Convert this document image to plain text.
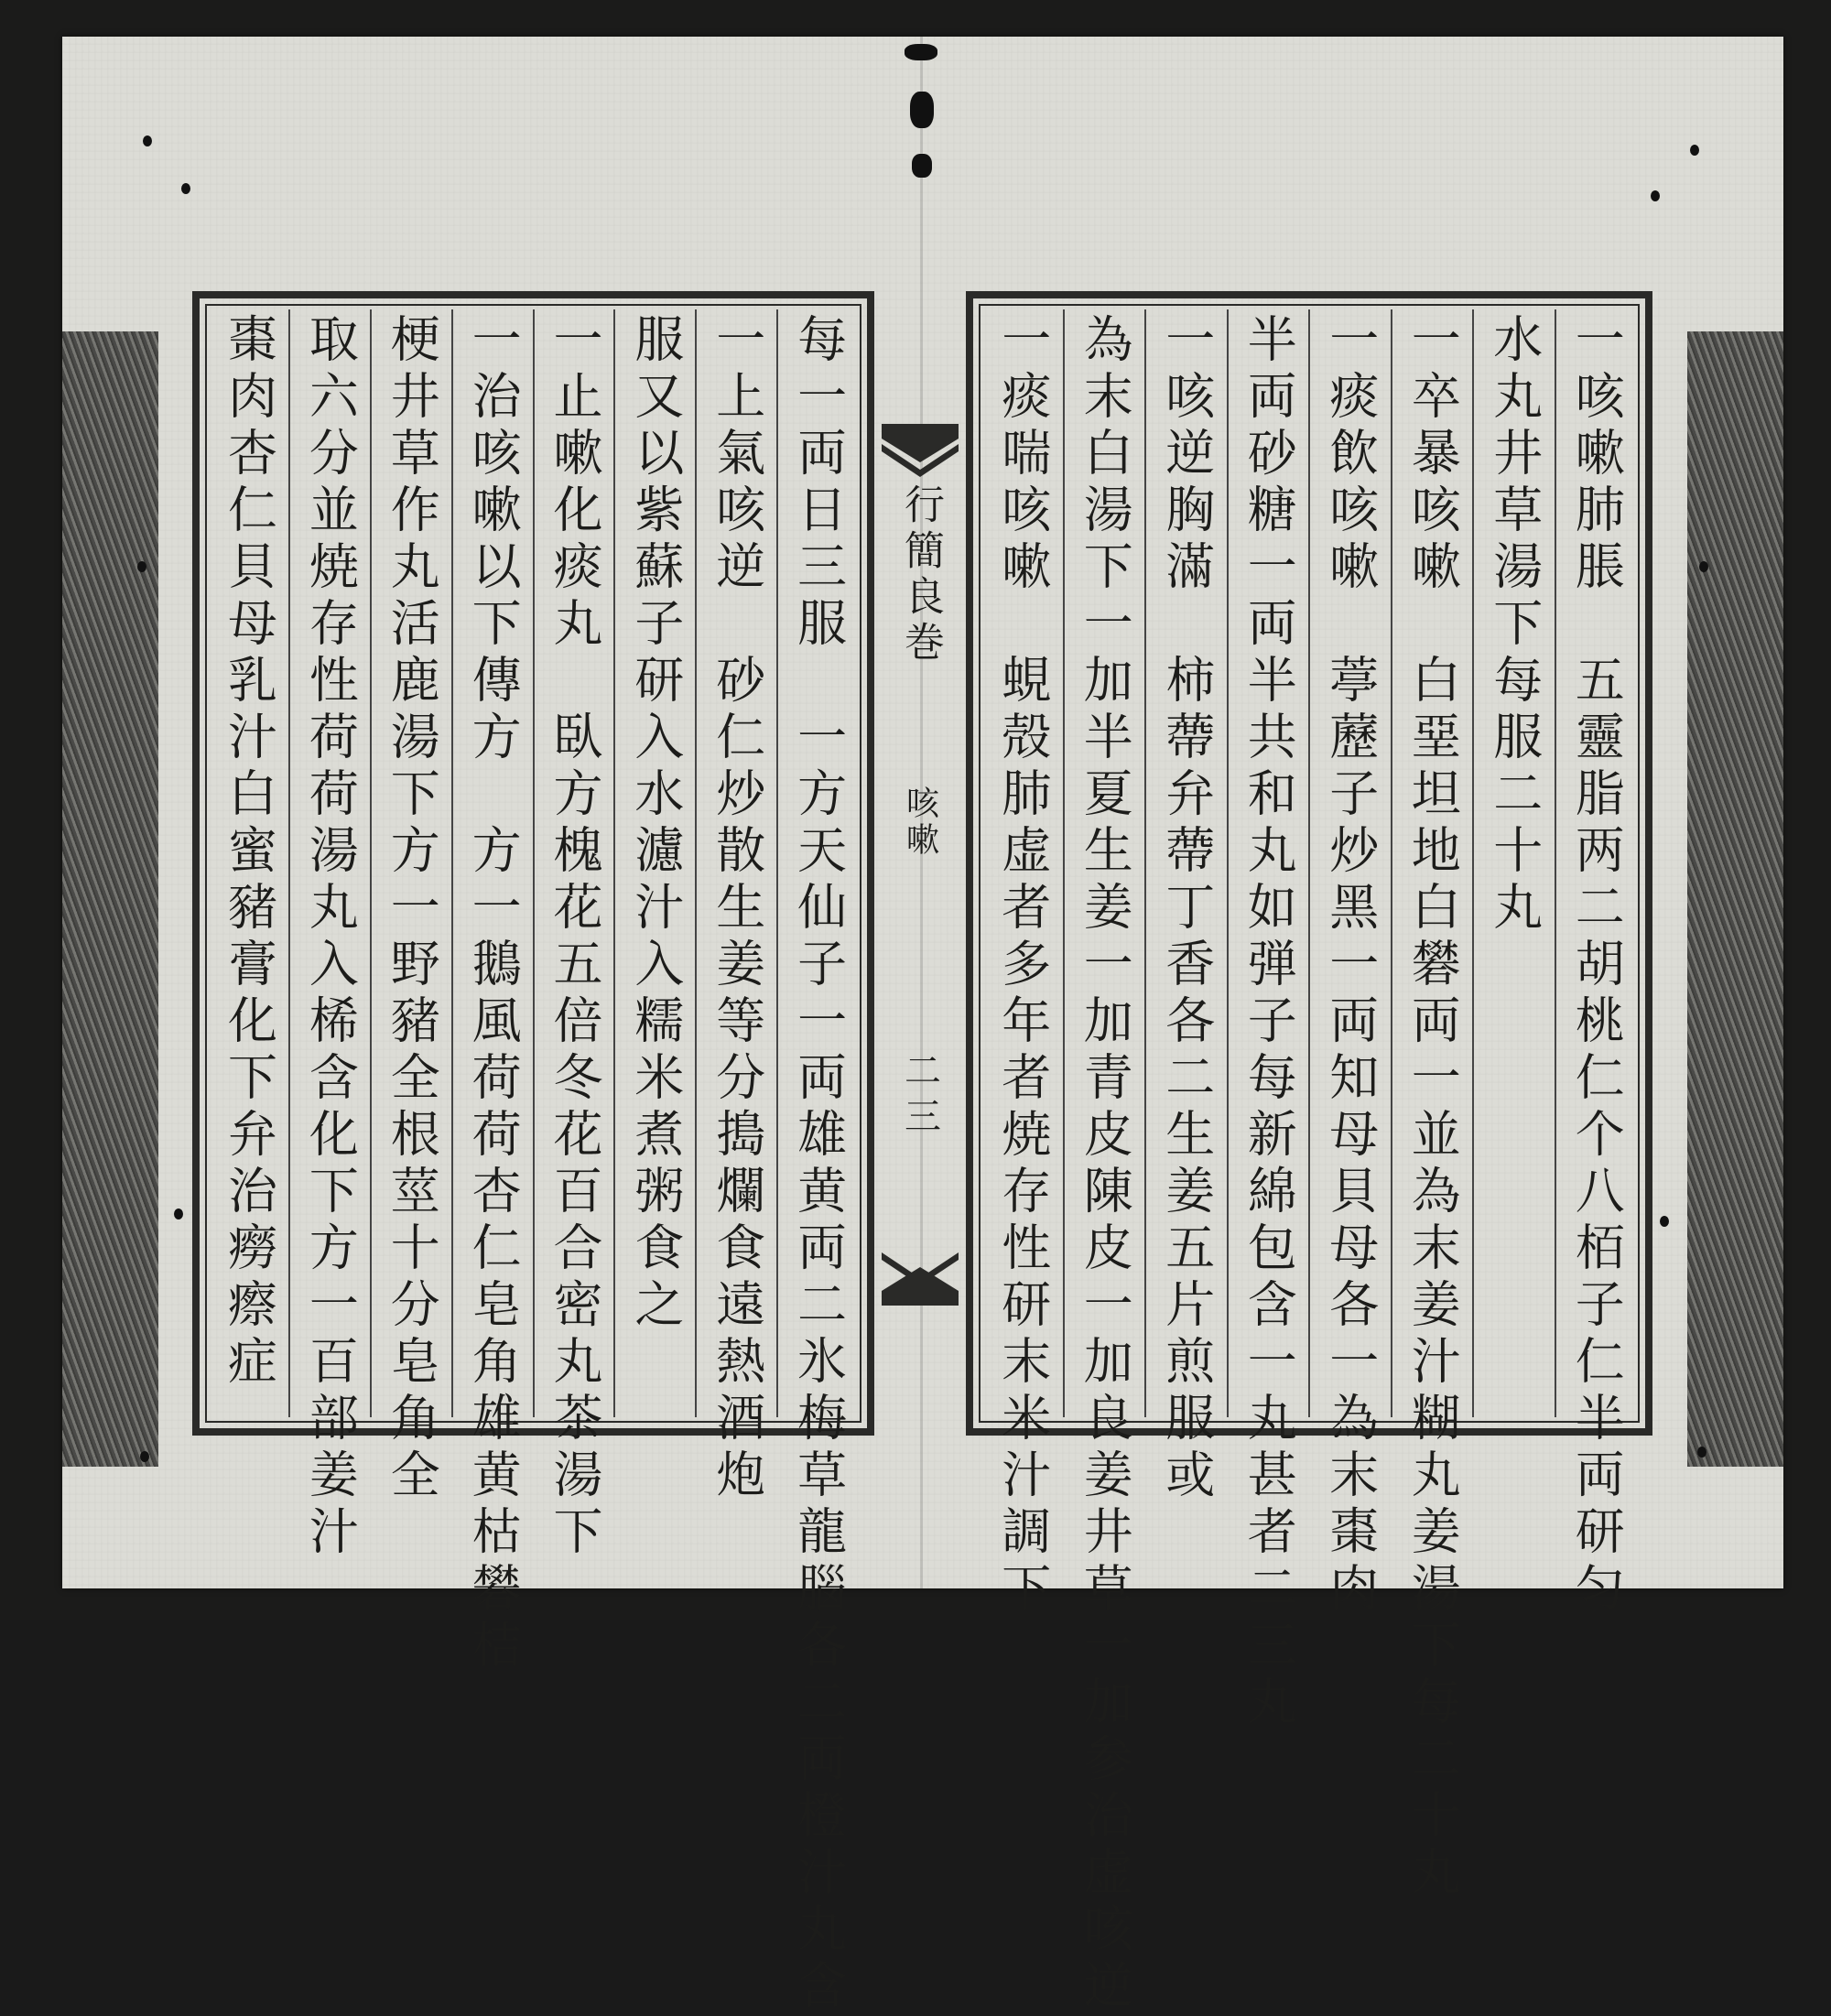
每一両日三服　一方天仙子一両雄黄両二氷梅草龍腦各二両橙汁丸含
一上氣咳逆　砂仁炒散生姜等分搗爛食遠熱酒炮
服又以紫蘇子研入水濾汁入糯米煮粥食之
一止嗽化痰丸　臥方槐花五倍冬花百合密丸茶湯下
一治咳嗽以下傳方　方一鵝風荷荷杏仁皂角雄黄枯礬桔
梗井草作丸活鹿湯下方一野豬全根莖十分皂角全
取六分並焼存性荷荷湯丸入桸含化下方一百部姜汁
棗肉杏仁貝母乳汁白蜜豬膏化下弁治癆瘵症	行簡良巻
咳嗽
二三	一咳嗽肺脹　五靈脂两二胡桃仁个八栢子仁半両研匀
水丸井草湯下每服二十丸
一卒暴咳嗽　白堊坦地白礬両一並為末姜汁糊丸姜湯下每二十丸
一痰飲咳嗽　葶藶子炒黑一両知母貝母各一為末棗肉
半両砂糖一両半共和丸如弾子每新綿包含一丸甚者二三丸
一咳逆胸滿　柿蔕弁蔕丁香各二生姜五片煎服或
為末白湯下一加半夏生姜一加青皮陳皮一加良姜井草一加参治虚咳逆
一痰喘咳嗽　蜆殻肺虚者多年者焼存性研末米汁調下
